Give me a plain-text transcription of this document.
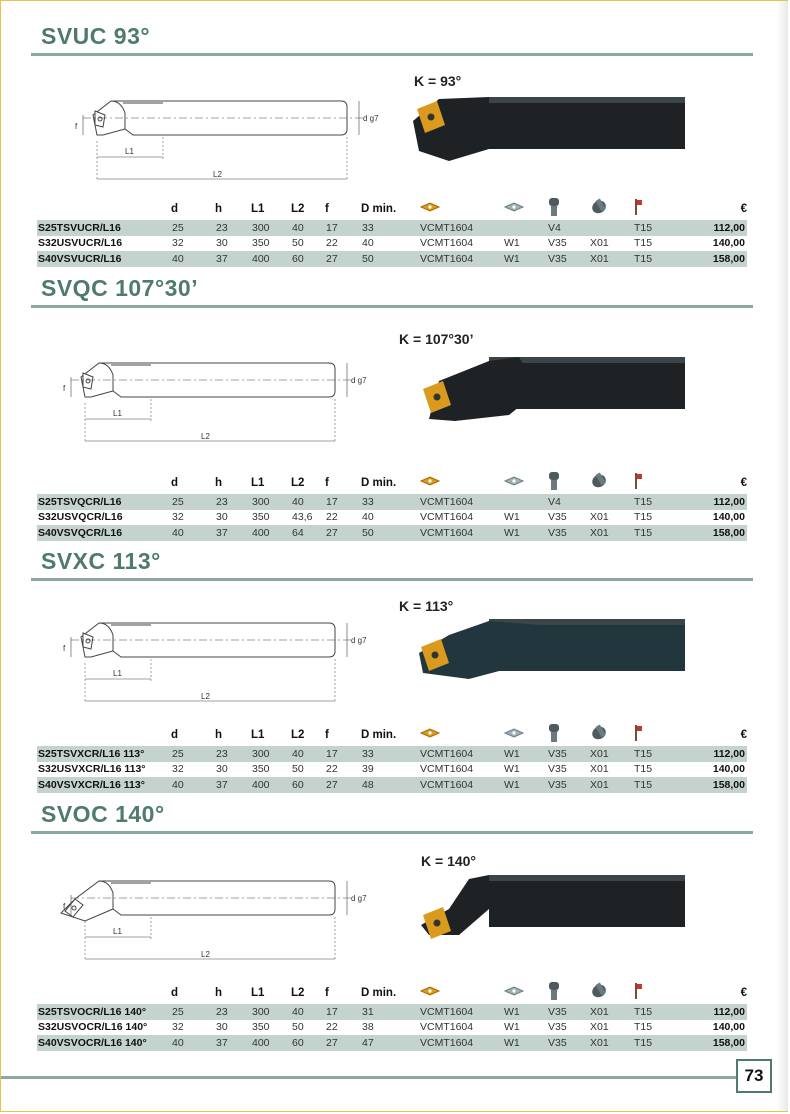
SVUC 93°
K = 93°
L1
L2
d g7
f
	d	h	L1	L2	f	D min.						€
S25TSVUCR/L16	25	23	300	40	17	33	VCMT1604		V4		T15	112,00
S32USVUCR/L16	32	30	350	50	22	40	VCMT1604	W1	V35	X01	T15	140,00
S40VSVUCR/L16	40	37	400	60	27	50	VCMT1604	W1	V35	X01	T15	158,00
SVQC 107°30’
K = 107°30’
L1
L2
d g7
f
	d	h	L1	L2	f	D min.						€
S25TSVQCR/L16	25	23	300	40	17	33	VCMT1604		V4		T15	112,00
S32USVQCR/L16	32	30	350	43,6	22	40	VCMT1604	W1	V35	X01	T15	140,00
S40VSVQCR/L16	40	37	400	64	27	50	VCMT1604	W1	V35	X01	T15	158,00
SVXC 113°
K = 113°
L1
L2
d g7
f
	d	h	L1	L2	f	D min.						€
S25TSVXCR/L16 113°	25	23	300	40	17	33	VCMT1604	W1	V35	X01	T15	112,00
S32USVXCR/L16 113°	32	30	350	50	22	39	VCMT1604	W1	V35	X01	T15	140,00
S40VSVXCR/L16 113°	40	37	400	60	27	48	VCMT1604	W1	V35	X01	T15	158,00
SVOC 140°
K = 140°
L1
L2
d g7
f
	d	h	L1	L2	f	D min.						€
S25TSVOCR/L16 140°	25	23	300	40	17	31	VCMT1604	W1	V35	X01	T15	112,00
S32USVOCR/L16 140°	32	30	350	50	22	38	VCMT1604	W1	V35	X01	T15	140,00
S40VSVOCR/L16 140°	40	37	400	60	27	47	VCMT1604	W1	V35	X01	T15	158,00
73
